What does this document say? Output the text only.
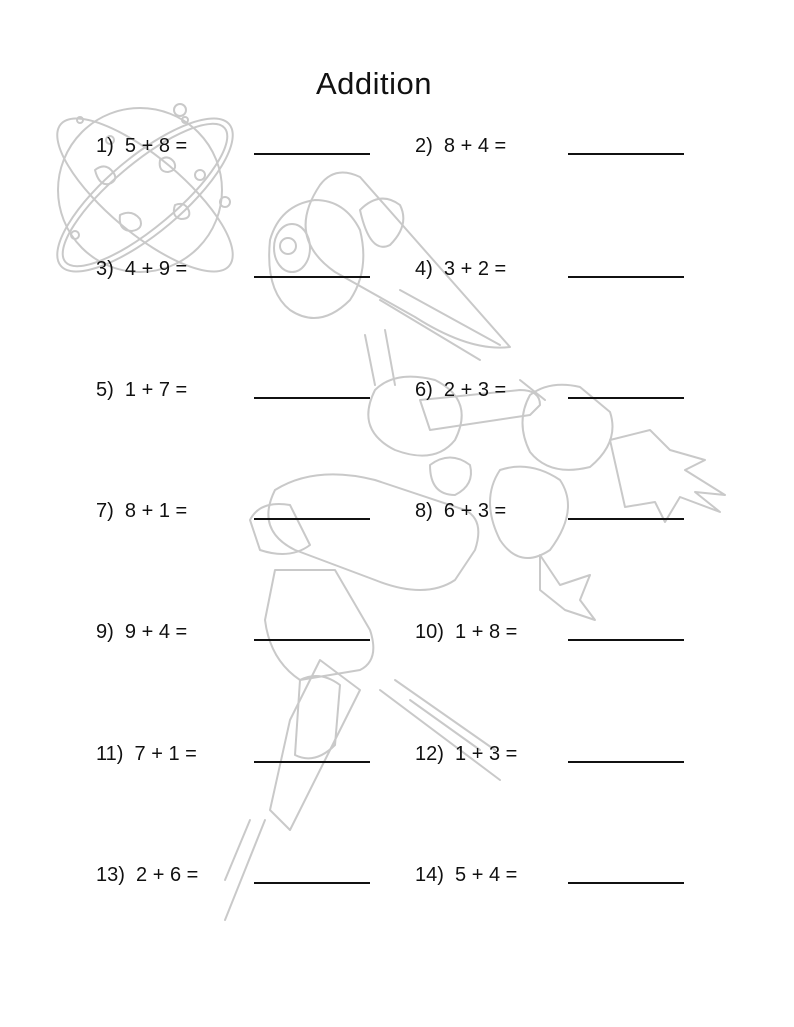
Addition
1) 5 + 8 =	2) 8 + 4 =
3) 4 + 9 =	4) 3 + 2 =
5) 1 + 7 =	6) 2 + 3 =
7) 8 + 1 =	8) 6 + 3 =
9) 9 + 4 =	10) 1 + 8 =
11) 7 + 1 =	12) 1 + 3 =
13) 2 + 6 =	14) 5 + 4 =
